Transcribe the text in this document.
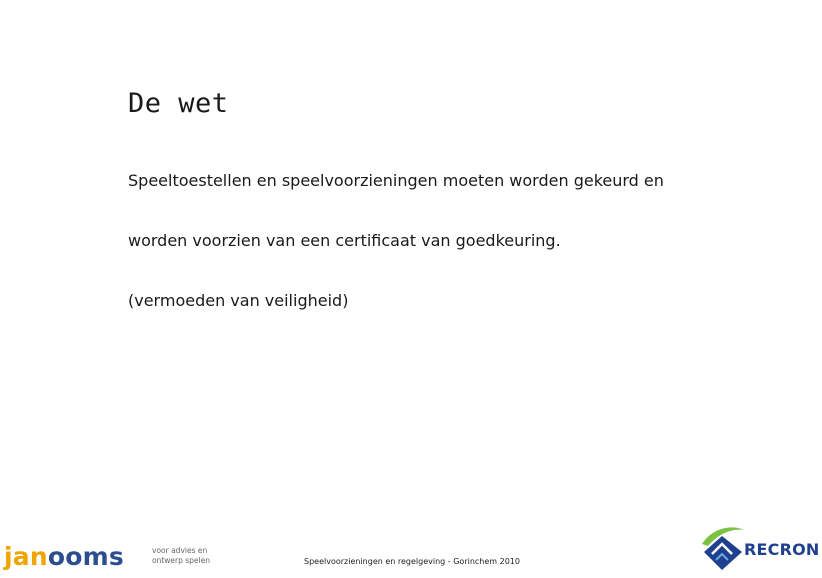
De wet
Speeltoestellen en speelvoorzieningen moeten worden gekeurd en
worden voorzien van een certificaat van goedkeuring.
(vermoeden van veiligheid)
janooms	voor advies en
ontwerp spelen	Speelvoorzieningen en regelgeving - Gorinchem 2010
RECRON
